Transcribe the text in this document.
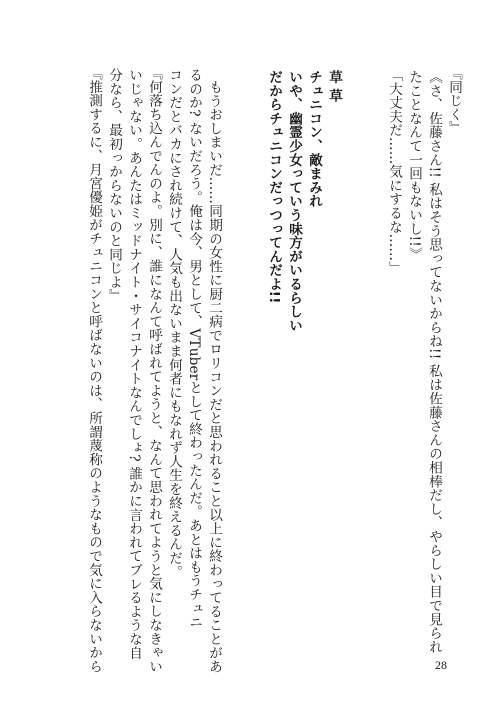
『同じく』
《さ、佐藤さん!! 私はそう思ってないからね!! 私は佐藤さんの相棒だし、やらしい目で見られ
たことなんて一回もないし!!》
「大丈夫だ……気にするな……」
草 草
チュニコン、敵まみれ
いや、幽霊少女っていう味方がいるらしい
だからチュニコンだっつってんだよ!!
もうおしまいだ……同期の女性に厨二病でロリコンだと思われること以上に終わってることがあ
るのか? ないだろう。俺は今、男として、VTuberとして終わったんだ。あとはもうチュニ
コンだとバカにされ続けて、人気も出ないまま何者にもなれず人生を終えるんだ。
『何落ち込んでんのよ。別に、誰になんて呼ばれてようと、なんて思われてようと気にしなきゃい
いじゃない。あんたはミッドナイト・サイコナイトなんでしょ? 誰かに言われてブレるような自
分なら、最初っからないのと同じよ』
『推測するに、月宮優姫がチュニコンと呼ばないのは、所謂蔑称のようなもので気に入らないから	28
